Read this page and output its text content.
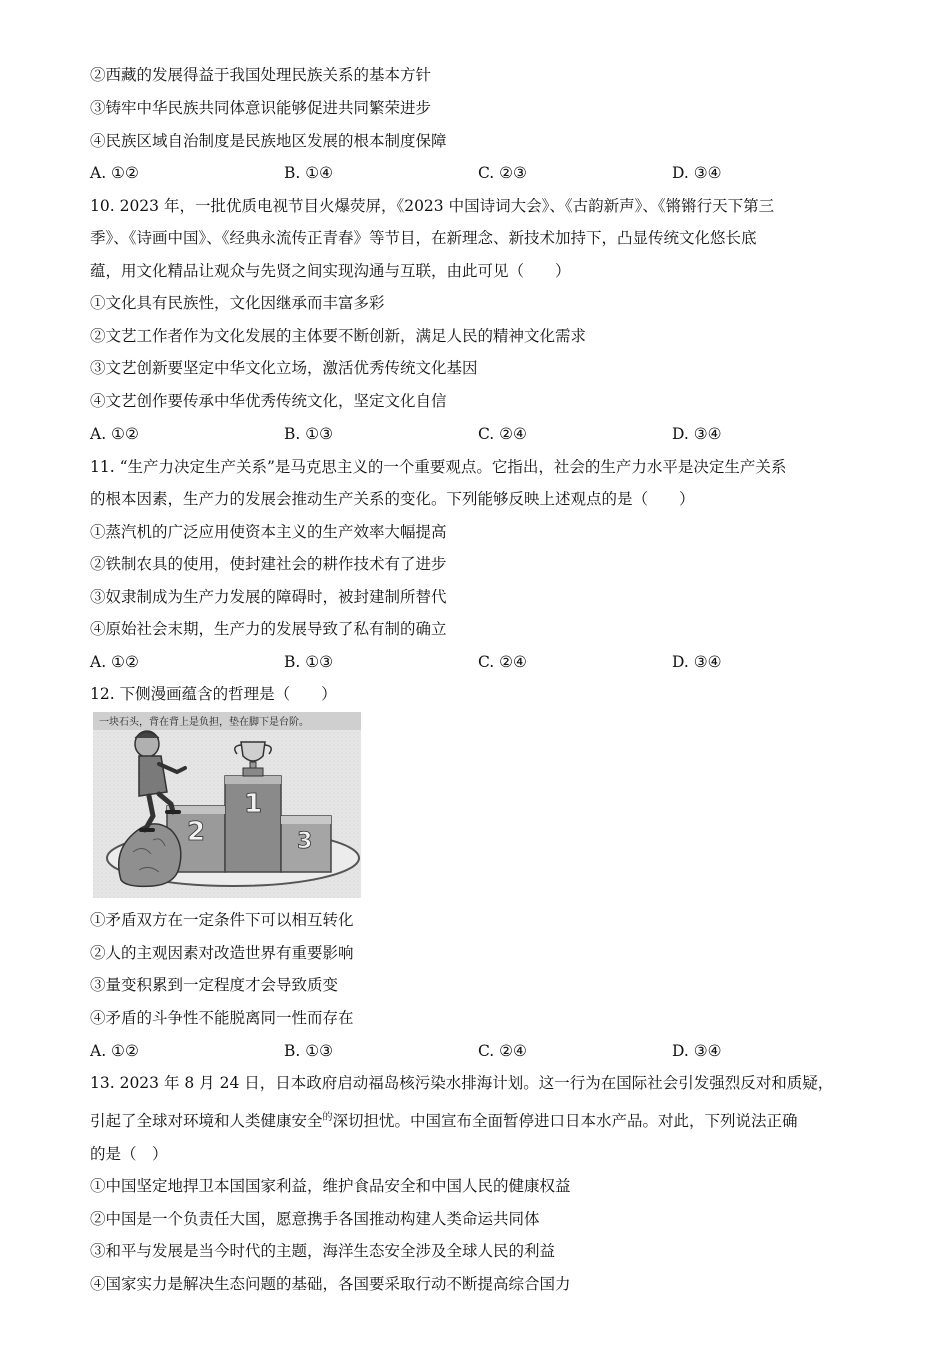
②西藏的发展得益于我国处理民族关系的基本方针
③铸牢中华民族共同体意识能够促进共同繁荣进步
④民族区域自治制度是民族地区发展的根本制度保障
A. ①②	B. ①④	C. ②③	D. ③④
10. 2023 年，一批优质电视节目火爆荧屏，《2023 中国诗词大会》、《古韵新声》、《锵锵行天下第三
季》、《诗画中国》、《经典永流传正青春》等节目，在新理念、新技术加持下，凸显传统文化悠长底
蕴，用文化精品让观众与先贤之间实现沟通与互联，由此可见（　　）
①文化具有民族性，文化因继承而丰富多彩
②文艺工作者作为文化发展的主体要不断创新，满足人民的精神文化需求
③文艺创新要坚定中华文化立场，激活优秀传统文化基因
④文艺创作要传承中华优秀传统文化，坚定文化自信
A. ①②	B. ①③	C. ②④	D. ③④
11. “生产力决定生产关系”是马克思主义的一个重要观点。它指出，社会的生产力水平是决定生产关系
的根本因素，生产力的发展会推动生产关系的变化。下列能够反映上述观点的是（　　）
①蒸汽机的广泛应用使资本主义的生产效率大幅提高
②铁制农具的使用，使封建社会的耕作技术有了进步
③奴隶制成为生产力发展的障碍时，被封建制所替代
④原始社会末期，生产力的发展导致了私有制的确立
A. ①②	B. ①③	C. ②④	D. ③④
12. 下侧漫画蕴含的哲理是（　　）
一块石头，背在背上是负担，垫在脚下是台阶。
1
2	3
①矛盾双方在一定条件下可以相互转化
②人的主观因素对改造世界有重要影响
③量变积累到一定程度才会导致质变
④矛盾的斗争性不能脱离同一性而存在
A. ①②	B. ①③	C. ②④	D. ③④
13. 2023 年 8 月 24 日，日本政府启动福岛核污染水排海计划。这一行为在国际社会引发强烈反对和质疑，
引起了全球对环境和人类健康安全$^的$深切担忧。中国宣布全面暂停进口日本水产品。对此，下列说法正确
的是（　）
①中国坚定地捍卫本国国家利益，维护食品安全和中国人民的健康权益
②中国是一个负责任大国，愿意携手各国推动构建人类命运共同体
③和平与发展是当今时代的主题，海洋生态安全涉及全球人民的利益
④国家实力是解决生态问题的基础，各国要采取行动不断提高综合国力
